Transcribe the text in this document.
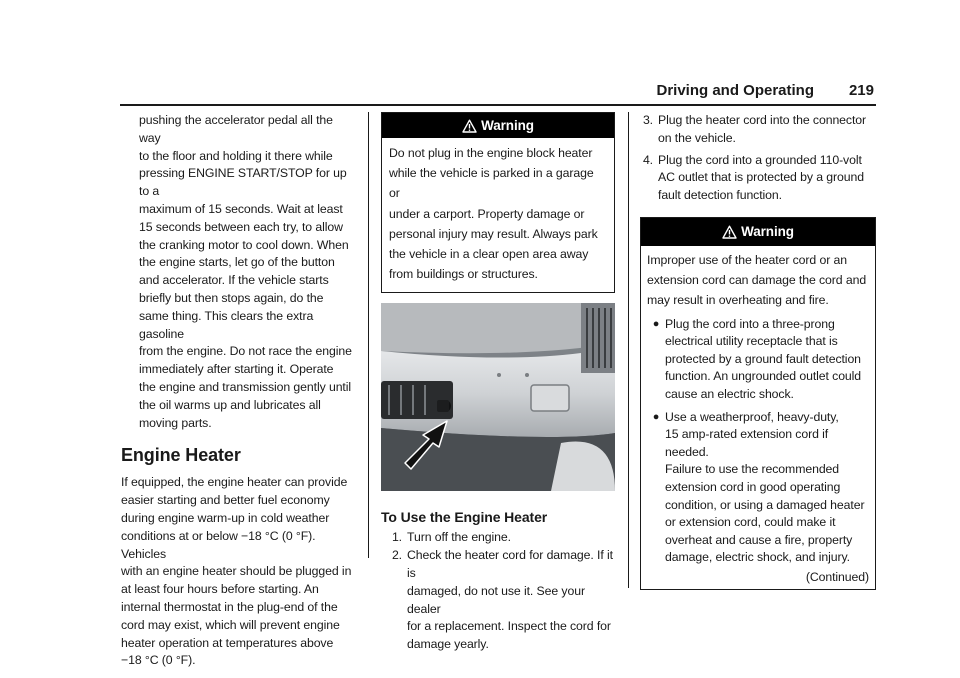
Driving and Operating 219

pushing the accelerator pedal all the way

to the floor and holding it there while

pressing ENGINE START/STOP for up to a

maximum of 15 seconds. Wait at least

15 seconds between each try, to allow

the cranking motor to cool down. When

the engine starts, let go of the button

and accelerator. If the vehicle starts

briefly but then stops again, do the

same thing. This clears the extra gasoline

from the engine. Do not race the engine

immediately after starting it. Operate

the engine and transmission gently until

the oil warms up and lubricates all

moving parts.

Engine Heater

If equipped, the engine heater can provide

easier starting and better fuel economy

during engine warm-up in cold weather

conditions at or below −18 °C (0 °F). Vehicles

with an engine heater should be plugged in

at least four hours before starting. An

internal thermostat in the plug-end of the

cord may exist, which will prevent engine

heater operation at temperatures above

−18 °C (0 °F).

Warning

Do not plug in the engine block heater

while the vehicle is parked in a garage or

under a carport. Property damage or

personal injury may result. Always park

the vehicle in a clear open area away

from buildings or structures.

To Use the Engine Heater
1. Turn off the engine.
2. Check the heater cord for damage. If it is
damaged, do not use it. See your dealer
for a replacement. Inspect the cord for
damage yearly.
3. Plug the heater cord into the connector
on the vehicle.
4. Plug the cord into a grounded 110-volt
AC outlet that is protected by a ground
fault detection function.
Warning

Improper use of the heater cord or an

extension cord can damage the cord and

may result in overheating and fire.

● Plug the cord into a three-prong
electrical utility receptacle that is
protected by a ground fault detection
function. An ungrounded outlet could
cause an electric shock.
● Use a weatherproof, heavy-duty,
15 amp-rated extension cord if needed.
Failure to use the recommended
extension cord in good operating
condition, or using a damaged heater
or extension cord, could make it
overheat and cause a fire, property
damage, electric shock, and injury.

(Continued)
